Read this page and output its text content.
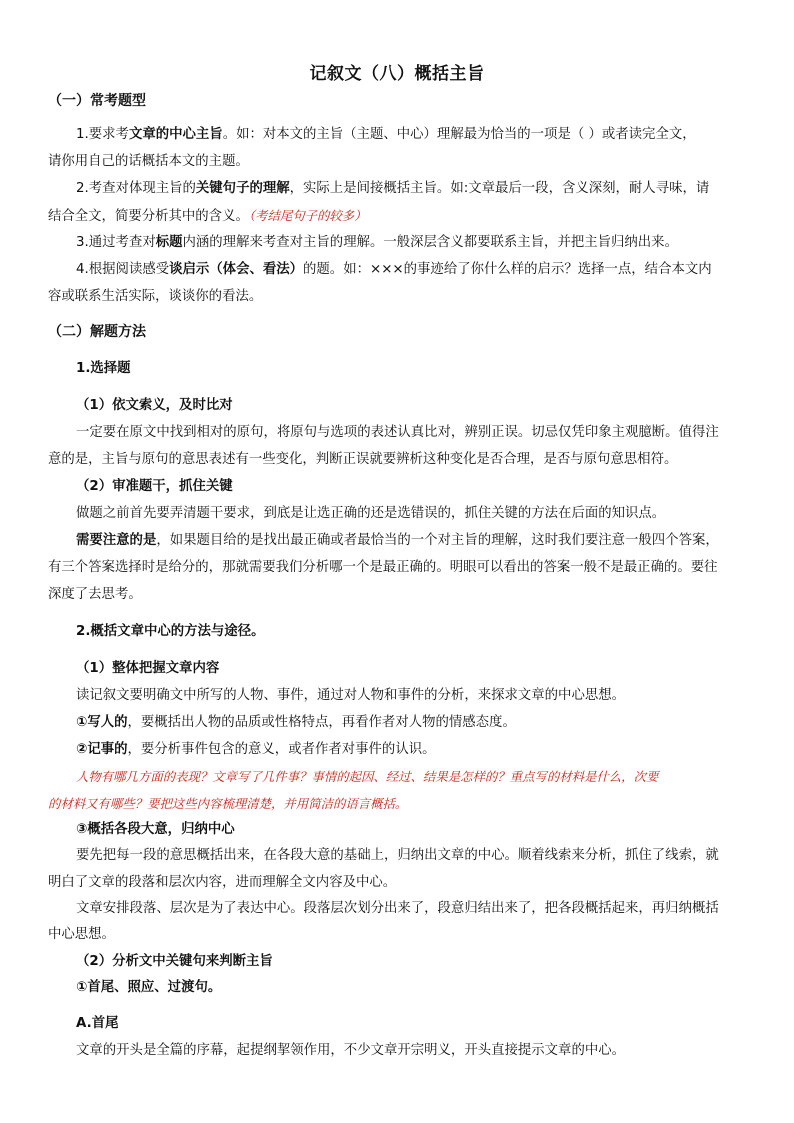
记叙文（八）概括主旨
（一）常考题型
1.要求考文章的中心主旨。如：对本文的主旨（主题、中心）理解最为恰当的一项是（ ）或者读完全文，
请你用自己的话概括本文的主题。
2.考查对体现主旨的关键句子的理解，实际上是间接概括主旨。如:文章最后一段，含义深刻，耐人寻味，请
结合全文，简要分析其中的含义。（考结尾句子的较多）
3.通过考查对标题内涵的理解来考查对主旨的理解。一般深层含义都要联系主旨，并把主旨归纳出来。
4.根据阅读感受谈启示（体会、看法）的题。如：×××的事迹给了你什么样的启示？选择一点，结合本文内
容或联系生活实际，谈谈你的看法。
（二）解题方法
1.选择题
（1）依文索义，及时比对
一定要在原文中找到相对的原句，将原句与选项的表述认真比对，辨别正误。切忌仅凭印象主观臆断。值得注
意的是，主旨与原句的意思表述有一些变化，判断正误就要辨析这种变化是否合理，是否与原句意思相符。
（2）审准题干，抓住关键
做题之前首先要弄清题干要求，到底是让选正确的还是选错误的，抓住关键的方法在后面的知识点。
需要注意的是，如果题目给的是找出最正确或者最恰当的一个对主旨的理解，这时我们要注意一般四个答案，
有三个答案选择时是给分的，那就需要我们分析哪一个是最正确的。明眼可以看出的答案一般不是最正确的。要往
深度了去思考。
2.概括文章中心的方法与途径。
（1）整体把握文章内容
读记叙文要明确文中所写的人物、事件，通过对人物和事件的分析，来探求文章的中心思想。
①写人的，要概括出人物的品质或性格特点，再看作者对人物的情感态度。
②记事的，要分析事件包含的意义，或者作者对事件的认识。
人物有哪几方面的表现？文章写了几件事？事情的起因、经过、结果是怎样的？重点写的材料是什么，次要
的材料又有哪些？要把这些内容梳理清楚，并用简洁的语言概括。
③概括各段大意，归纳中心
要先把每一段的意思概括出来，在各段大意的基础上，归纳出文章的中心。顺着线索来分析，抓住了线索，就
明白了文章的段落和层次内容，进而理解全文内容及中心。
文章安排段落、层次是为了表达中心。段落层次划分出来了，段意归结出来了，把各段概括起来，再归纳概括
中心思想。
（2）分析文中关键句来判断主旨
①首尾、照应、过渡句。
A.首尾
文章的开头是全篇的序幕，起提纲挈领作用，不少文章开宗明义，开头直接提示文章的中心。
